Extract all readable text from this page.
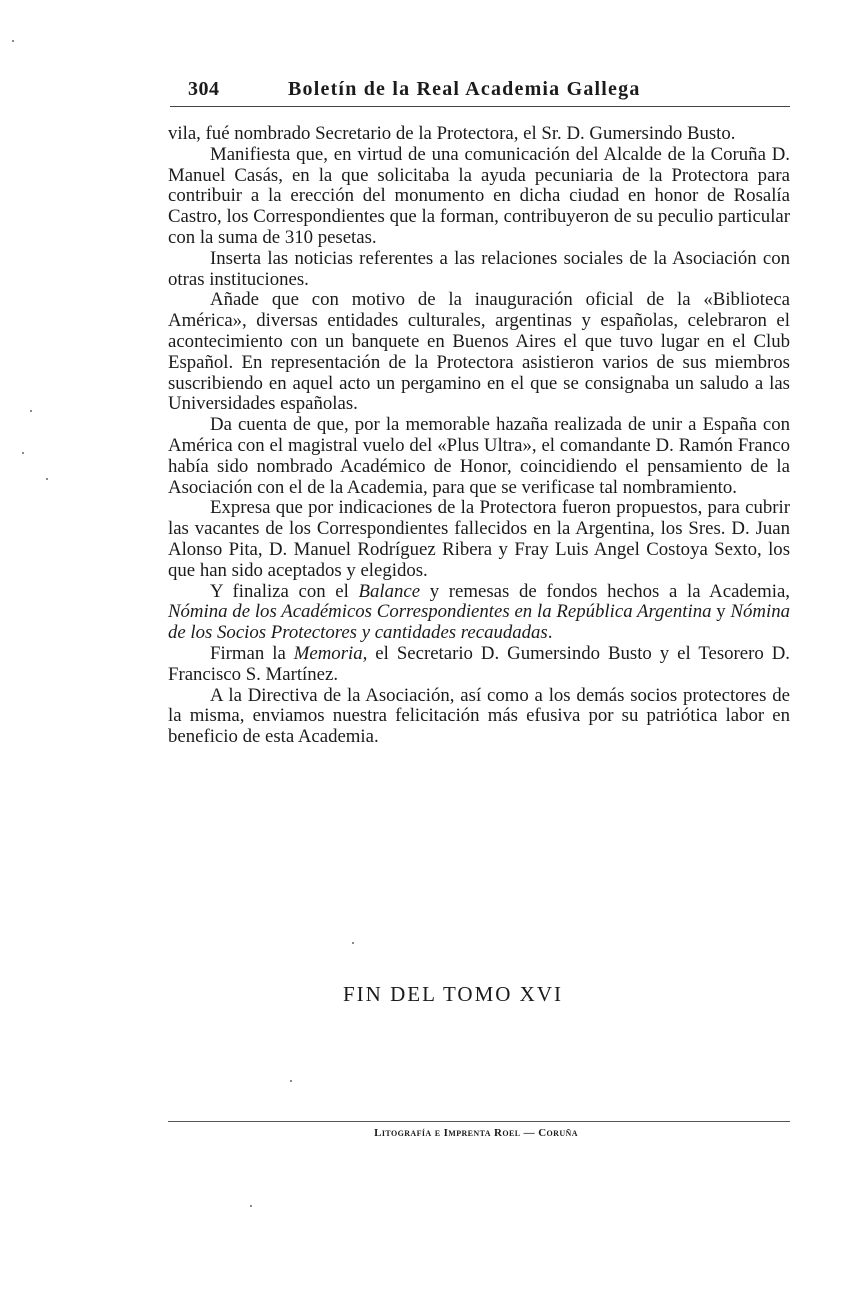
304	Boletín de la Real Academia Gallega

vila, fué nombrado Secretario de la Protectora, el Sr. D. Gumersindo Busto.

Manifiesta que, en virtud de una comunicación del Alcalde de la Coruña D. Manuel Casás, en la que solicitaba la ayuda pecuniaria de la Protectora para contribuir a la erección del monumento en dicha ciudad en honor de Rosalía Castro, los Correspondientes que la forman, contribuyeron de su peculio particular con la suma de 310 pesetas.

Inserta las noticias referentes a las relaciones sociales de la Asociación con otras instituciones.

Añade que con motivo de la inauguración oficial de la «Biblioteca América», diversas entidades culturales, argentinas y españolas, celebraron el acontecimiento con un banquete en Buenos Aires el que tuvo lugar en el Club Español. En representación de la Protectora asistieron varios de sus miembros suscribiendo en aquel acto un pergamino en el que se consignaba un saludo a las Universidades españolas.

Da cuenta de que, por la memorable hazaña realizada de unir a España con América con el magistral vuelo del «Plus Ultra», el comandante D. Ramón Franco había sido nombrado Académico de Honor, coincidiendo el pensamiento de la Asociación con el de la Academia, para que se verificase tal nombramiento.

Expresa que por indicaciones de la Protectora fueron propuestos, para cubrir las vacantes de los Correspondientes fallecidos en la Argentina, los Sres. D. Juan Alonso Pita, D. Manuel Rodríguez Ribera y Fray Luis Angel Costoya Sexto, los que han sido aceptados y elegidos.

Y finaliza con el Balance y remesas de fondos hechos a la Academia, Nómina de los Académicos Correspondientes en la República Argentina y Nómina de los Socios Protectores y cantidades recaudadas.

Firman la Memoria, el Secretario D. Gumersindo Busto y el Tesorero D. Francisco S. Martínez.

A la Directiva de la Asociación, así como a los demás socios protectores de la misma, enviamos nuestra felicitación más efusiva por su patriótica labor en beneficio de esta Academia.

FIN DEL TOMO XVI
Litografía e Imprenta Roel — Coruña
